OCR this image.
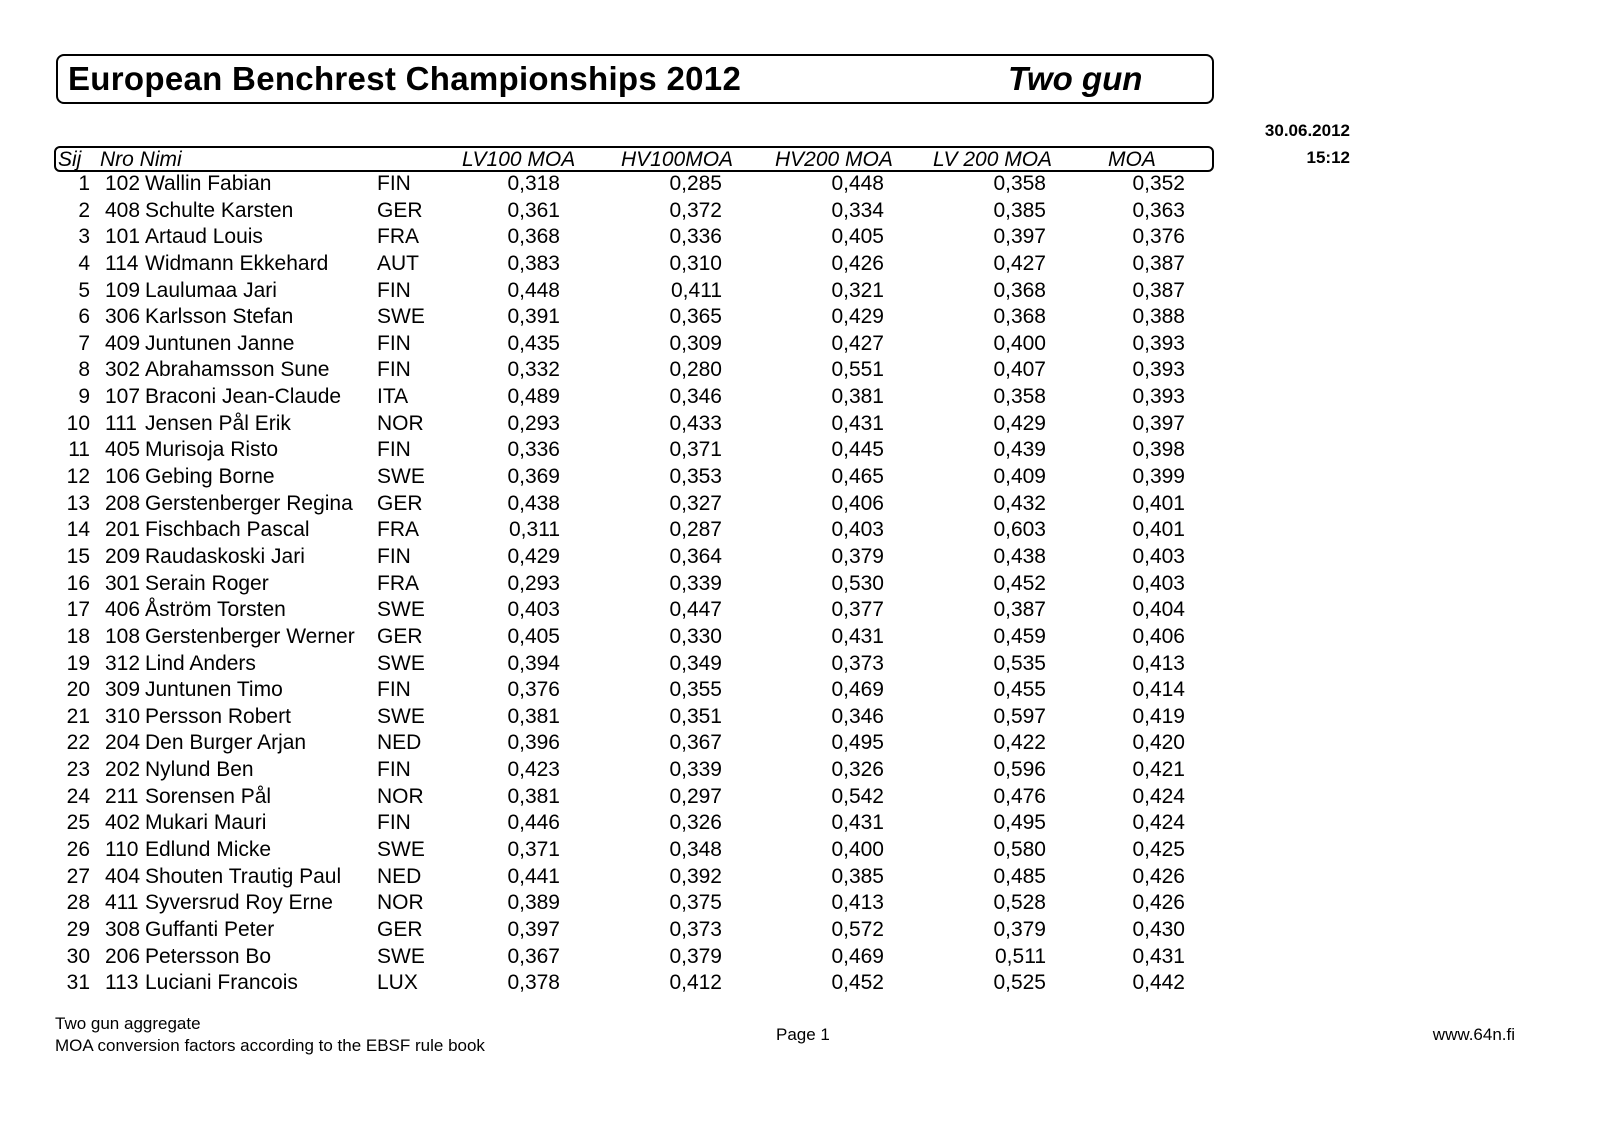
European Benchrest Championships 2012	Two gun
30.06.2012
15:12
Sij Nro Nimi	LV100 MOA HV100MOA HV200 MOA LV 200 MOA	MOA
1 102 Wallin Fabian	FIN	0,318	0,285	0,448	0,358	0,352
2 408 Schulte Karsten	GER	0,361	0,372	0,334	0,385	0,363
3 101 Artaud Louis	FRA	0,368	0,336	0,405	0,397	0,376
4 114 Widmann Ekkehard AUT	0,383	0,310	0,426	0,427	0,387
5 109 Laulumaa Jari	FIN	0,448	0,411	0,321	0,368	0,387
6 306 Karlsson Stefan	SWE	0,391	0,365	0,429	0,368	0,388
7 409 Juntunen Janne	FIN	0,435	0,309	0,427	0,400	0,393
8 302 Abrahamsson Sune FIN	0,332	0,280	0,551	0,407	0,393
9 107 Braconi Jean-Claude ITA	0,489	0,346	0,381	0,358	0,393
10 111 Jensen Pål Erik	NOR	0,293	0,433	0,431	0,429	0,397
11 405 Murisoja Risto	FIN	0,336	0,371	0,445	0,439	0,398
12 106 Gebing Borne	SWE	0,369	0,353	0,465	0,409	0,399
13 208 Gerstenberger Regina GER	0,438	0,327	0,406	0,432	0,401
14 201 Fischbach Pascal	FRA	0,311	0,287	0,403	0,603	0,401
15 209 Raudaskoski Jari	FIN	0,429	0,364	0,379	0,438	0,403
16 301 Serain Roger	FRA	0,293	0,339	0,530	0,452	0,403
17 406 Åström Torsten	SWE	0,403	0,447	0,377	0,387	0,404
18 108 Gerstenberger Werner GER	0,405	0,330	0,431	0,459	0,406
19 312 Lind Anders	SWE	0,394	0,349	0,373	0,535	0,413
20 309 Juntunen Timo	FIN	0,376	0,355	0,469	0,455	0,414
21 310 Persson Robert	SWE	0,381	0,351	0,346	0,597	0,419
22 204 Den Burger Arjan	NED	0,396	0,367	0,495	0,422	0,420
23 202 Nylund Ben	FIN	0,423	0,339	0,326	0,596	0,421
24 211 Sorensen Pål	NOR	0,381	0,297	0,542	0,476	0,424
25 402 Mukari Mauri	FIN	0,446	0,326	0,431	0,495	0,424
26 110 Edlund Micke	SWE	0,371	0,348	0,400	0,580	0,425
27 404 Shouten Trautig Paul NED	0,441	0,392	0,385	0,485	0,426
28 411 Syversrud Roy Erne NOR	0,389	0,375	0,413	0,528	0,426
29 308 Guffanti Peter	GER	0,397	0,373	0,572	0,379	0,430
30 206 Petersson Bo	SWE	0,367	0,379	0,469	0,511	0,431
31 113 Luciani Francois	LUX	0,378	0,412	0,452	0,525	0,442
Two gun aggregate
MOA conversion factors according to the EBSF rule book
Page 1	www.64n.fi
